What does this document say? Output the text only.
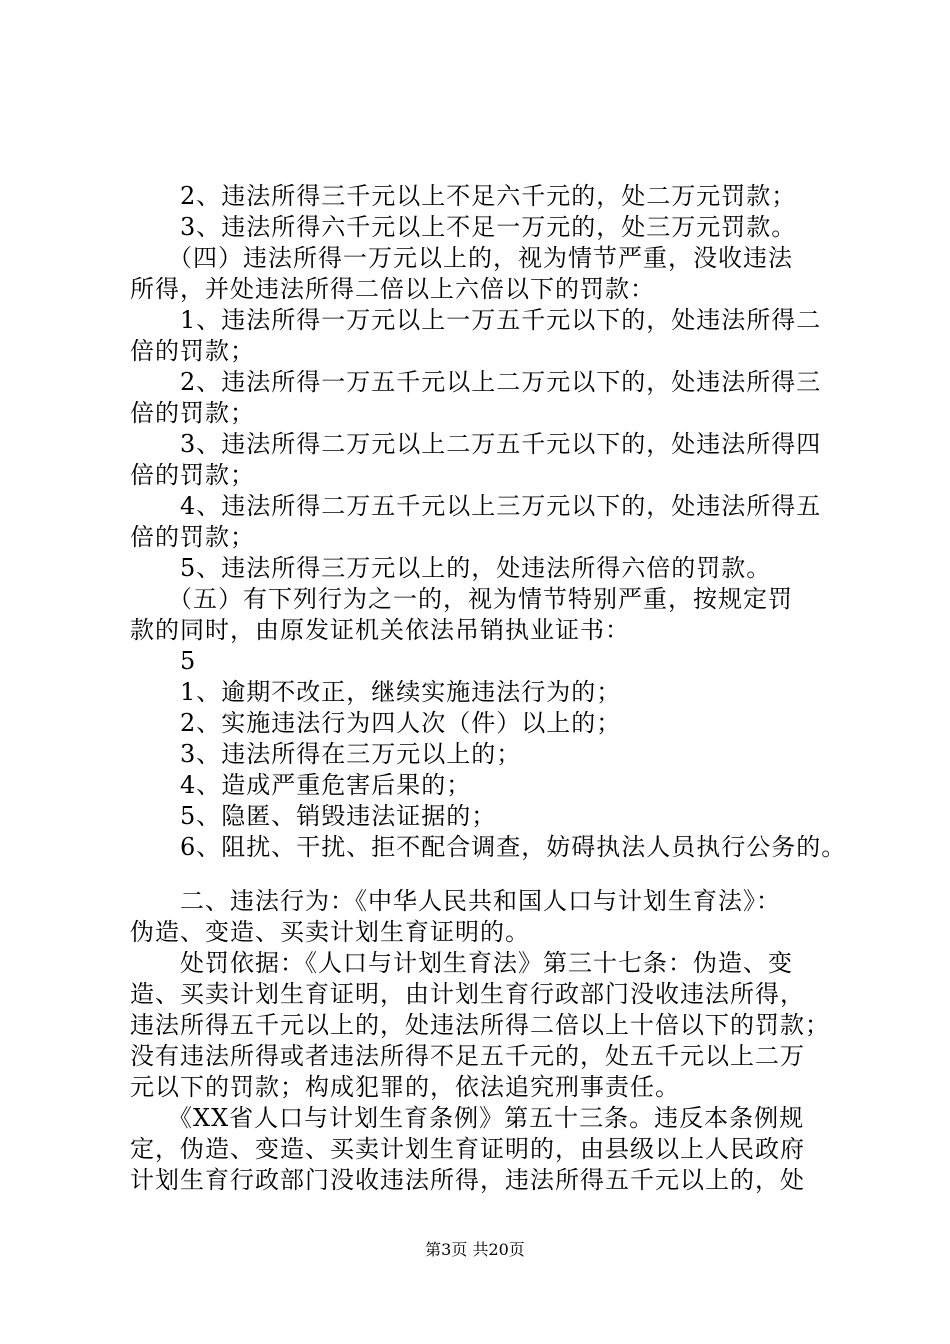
　　2、违法所得三千元以上不足六千元的，处二万元罚款；
　　3、违法所得六千元以上不足一万元的，处三万元罚款。
　　（四）违法所得一万元以上的，视为情节严重，没收违法
所得，并处违法所得二倍以上六倍以下的罚款：
　　1、违法所得一万元以上一万五千元以下的，处违法所得二
倍的罚款；
　　2、违法所得一万五千元以上二万元以下的，处违法所得三
倍的罚款；
　　3、违法所得二万元以上二万五千元以下的，处违法所得四
倍的罚款；
　　4、违法所得二万五千元以上三万元以下的，处违法所得五
倍的罚款；
　　5、违法所得三万元以上的，处违法所得六倍的罚款。
　　（五）有下列行为之一的，视为情节特别严重，按规定罚
款的同时，由原发证机关依法吊销执业证书：
　　5
　　1、逾期不改正，继续实施违法行为的；
　　2、实施违法行为四人次（件）以上的；
　　3、违法所得在三万元以上的；
　　4、造成严重危害后果的；
　　5、隐匿、销毁违法证据的；
　　6、阻扰、干扰、拒不配合调查，妨碍执法人员执行公务的。
　　二、违法行为：《中华人民共和国人口与计划生育法》：
伪造、变造、买卖计划生育证明的。
　　处罚依据：《人口与计划生育法》第三十七条：伪造、变
造、买卖计划生育证明，由计划生育行政部门没收违法所得，
违法所得五千元以上的，处违法所得二倍以上十倍以下的罚款；
没有违法所得或者违法所得不足五千元的，处五千元以上二万
元以下的罚款；构成犯罪的，依法追究刑事责任。
　　《XX省人口与计划生育条例》第五十三条。违反本条例规
定，伪造、变造、买卖计划生育证明的，由县级以上人民政府
计划生育行政部门没收违法所得，违法所得五千元以上的，处
第3页 共20页
